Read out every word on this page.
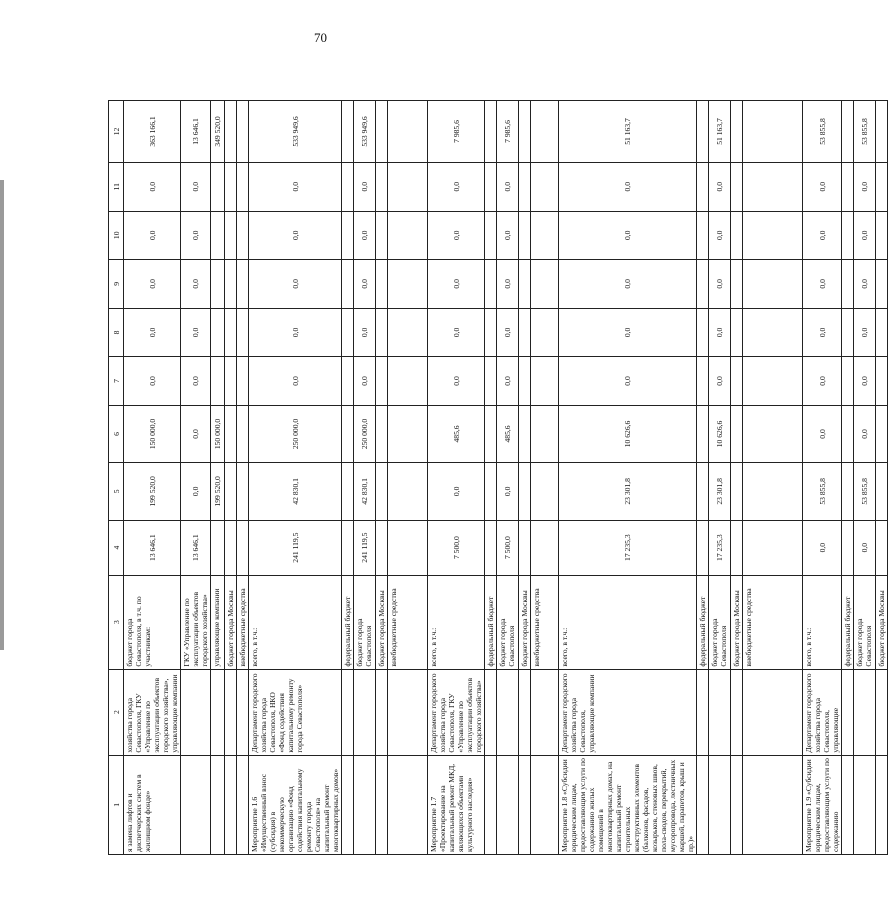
70
1	2	3	4	5	6	7	8	9	10	11	12
я замена лифтов и диспетчерских систем в жилищном фонде»	хозяйства города Севастополя, ГКУ «Управление по эксплуатации объектов городского хозяйства», управляющие компании	бюджет города Севастополя, в т.ч. по участникам:	13 646,1	199 520,0	150 000,0	0,0	0,0	0,0	0,0	0,0	363 166,1
		ГКУ «Управление по эксплуатации объектов городского хозяйства»	13 646,1	0,0	0,0	0,0	0,0	0,0	0,0	0,0	13 646,1
		управляющие компании		199 520,0	150 000,0						349 520,0
		бюджет города Москвы									
		внебюджетные средства									
Мероприятие 1.6 «Имущественный взнос (субсидия) в некоммерческую организацию «Фонд содействия капитальному ремонту города Севастополя» на капитальный ремонт многоквартирных домов»	Департамент городского хозяйства города Севастополя, НКО «Фонд содействия капитальному ремонту города Севастополя»	всего, в т.ч.:	241 119,5	42 830,1	250 000,0	0,0	0,0	0,0	0,0	0,0	533 949,6
		федеральный бюджет									
		бюджет города Севастополя	241 119,5	42 830,1	250 000,0	0,0	0,0	0,0	0,0	0,0	533 949,6
		бюджет города Москвы									
		внебюджетные средства									
Мероприятие 1.7 «Проектирование на капитальный ремонт МКД, являющихся объектами культурного наследия»	Департамент городского хозяйства города Севастополя, ГКУ «Управление по эксплуатации объектов городского хозяйства»	всего, в т.ч.:	7 500,0	0,0	485,6	0,0	0,0	0,0	0,0	0,0	7 985,6
		федеральный бюджет									
		бюджет города Севастополя	7 500,0	0,0	485,6	0,0	0,0	0,0	0,0	0,0	7 985,6
		бюджет города Москвы									
		внебюджетные средства									
Мероприятие 1.8 «Субсидии юридическим лицам, предоставляющим услуги по содержанию жилых помещений в многоквартирных домах, на капитальный ремонт строительных конструктивных элементов (балконов, фасадов, козырьков, стеновых швов, пола-сводов, перекрытий, мусоропровода, лестничных маршей, парапетов, крыш и пр.)»	Департамент городского хозяйства города Севастополя, управляющие компании	всего, в т.ч.:	17 235,3	23 301,8	10 626,6	0,0	0,0	0,0	0,0	0,0	51 163,7
		федеральный бюджет									
		бюджет города Севастополя	17 235,3	23 301,8	10 626,6	0,0	0,0	0,0	0,0	0,0	51 163,7
		бюджет города Москвы									
		внебюджетные средства									
Мероприятие 1.9 «Субсидии юридическим лицам, предоставляющим услуги по содержанию	Департамент городского хозяйства города Севастополя, управляющие	всего, в т.ч.:	0,0	53 855,8	0,0	0,0	0,0	0,0	0,0	0,0	53 855,8
		федеральный бюджет									
		бюджет города Севастополя	0,0	53 855,8	0,0	0,0	0,0	0,0	0,0	0,0	53 855,8
		бюджет города Москвы									
